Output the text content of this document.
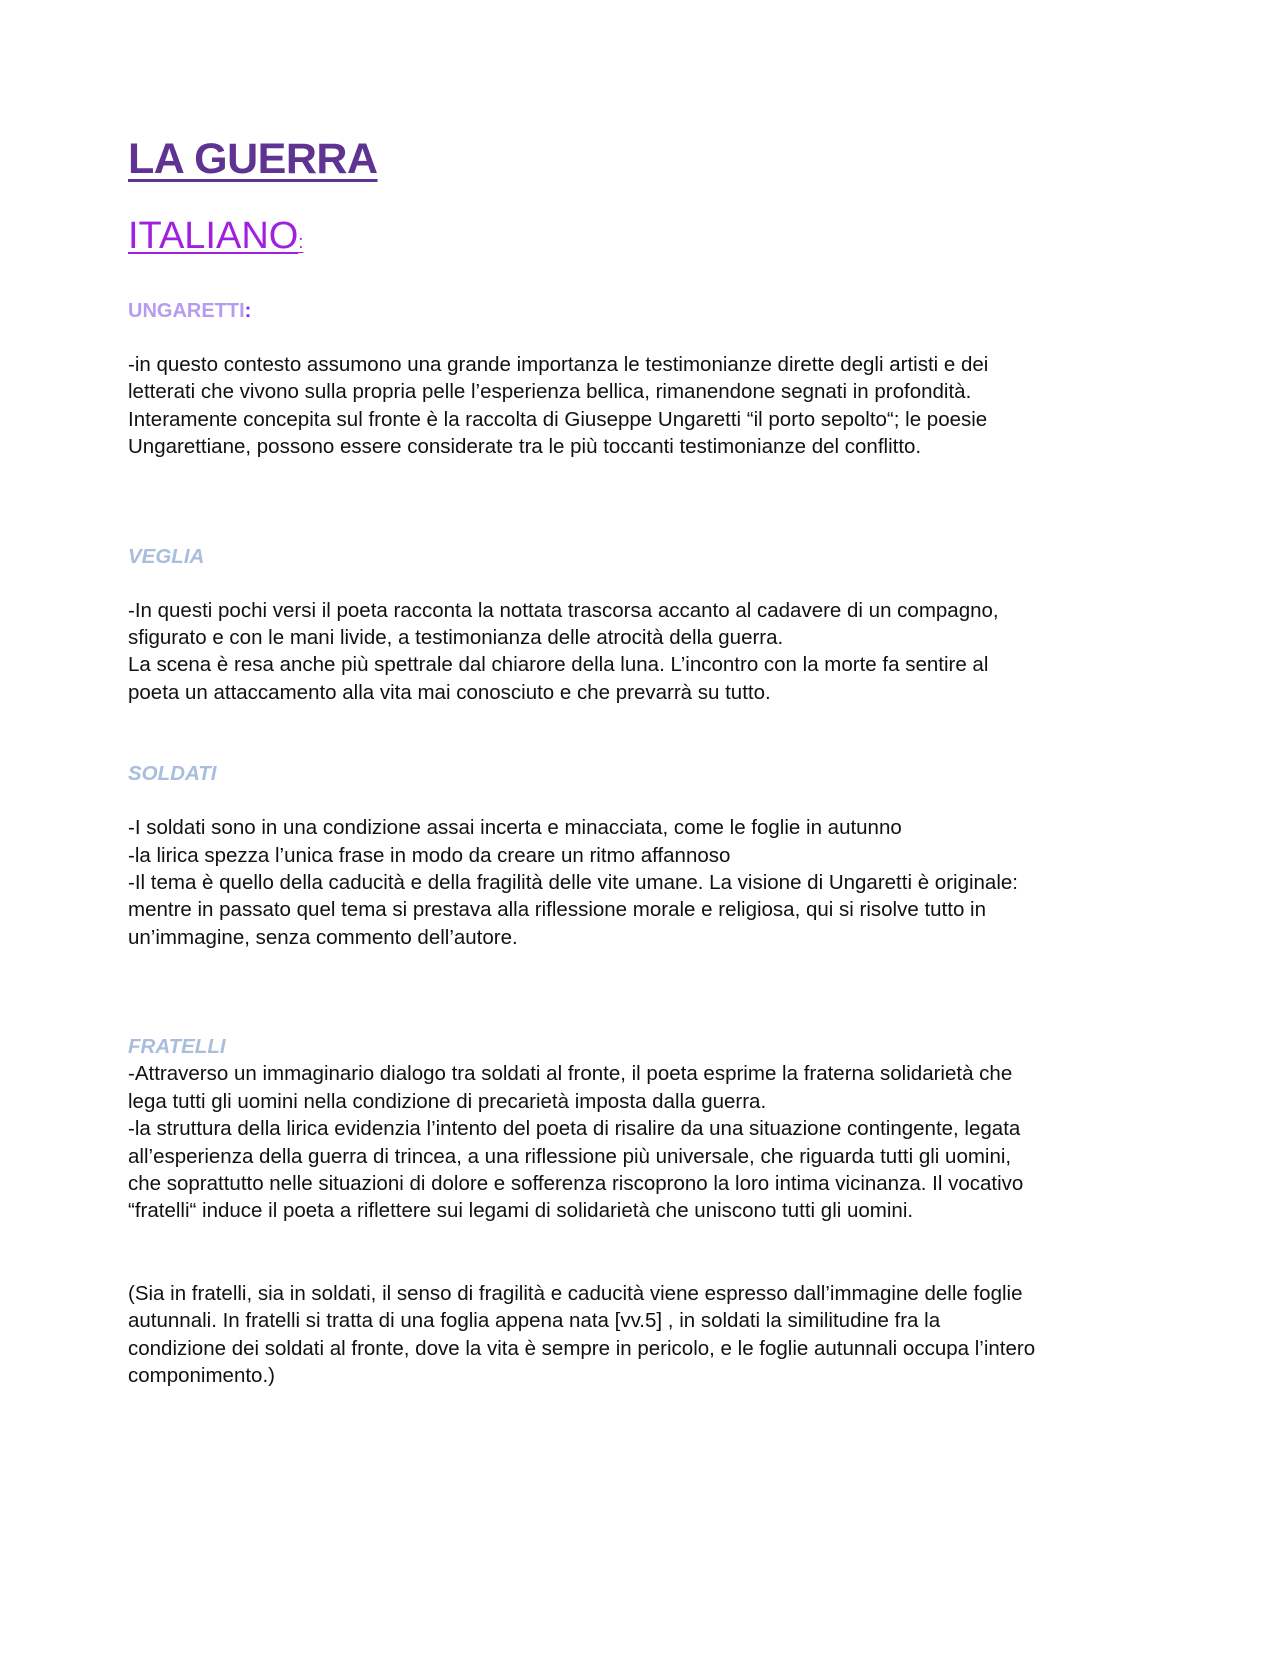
LA GUERRA
ITALIANO:
UNGARETTI:

-in questo contesto assumono una grande importanza le testimonianze dirette degli artisti e dei
letterati che vivono sulla propria pelle l’esperienza bellica, rimanendone segnati in profondità.
Interamente concepita sul fronte è la raccolta di Giuseppe Ungaretti “il porto sepolto“; le poesie
Ungarettiane, possono essere considerate tra le più toccanti testimonianze del conflitto.

VEGLIA

-In questi pochi versi il poeta racconta la nottata trascorsa accanto al cadavere di un compagno,
sfigurato e con le mani livide, a testimonianza delle atrocità della guerra.
La scena è resa anche più spettrale dal chiarore della luna. L’incontro con la morte fa sentire al
poeta un attaccamento alla vita mai conosciuto e che prevarrà su tutto.

SOLDATI

-I soldati sono in una condizione assai incerta e minacciata, come le foglie in autunno
-la lirica spezza l’unica frase in modo da creare un ritmo affannoso
-Il tema è quello della caducità e della fragilità delle vite umane. La visione di Ungaretti è originale:
mentre in passato quel tema si prestava alla riflessione morale e religiosa, qui si risolve tutto in
un’immagine, senza commento dell’autore.

FRATELLI

-Attraverso un immaginario dialogo tra soldati al fronte, il poeta esprime la fraterna solidarietà che
lega tutti gli uomini nella condizione di precarietà imposta dalla guerra.
-la struttura della lirica evidenzia l’intento del poeta di risalire da una situazione contingente, legata
all’esperienza della guerra di trincea, a una riflessione più universale, che riguarda tutti gli uomini,
che soprattutto nelle situazioni di dolore e sofferenza riscoprono la loro intima vicinanza. Il vocativo
“fratelli“ induce il poeta a riflettere sui legami di solidarietà che uniscono tutti gli uomini.

(Sia in fratelli, sia in soldati, il senso di fragilità e caducità viene espresso dall’immagine delle foglie
autunnali. In fratelli si tratta di una foglia appena nata [vv.5] , in soldati la similitudine fra la
condizione dei soldati al fronte, dove la vita è sempre in pericolo, e le foglie autunnali occupa l’intero
componimento.)
